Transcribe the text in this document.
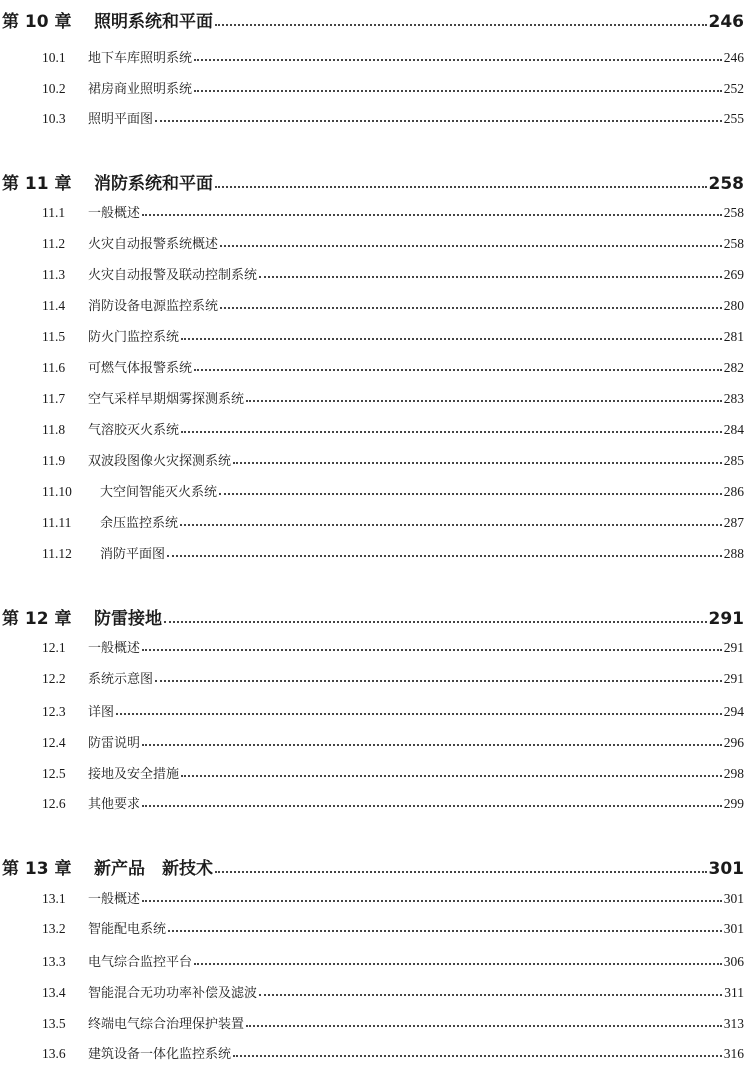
第 10 章	照明系统和平面	246
10.1	地下车库照明系统	246
10.2	裙房商业照明系统	252
10.3	照明平面图	255
第 11 章	消防系统和平面	258
11.1	一般概述	258
11.2	火灾自动报警系统概述	258
11.3	火灾自动报警及联动控制系统	269
11.4	消防设备电源监控系统	280
11.5	防火门监控系统	281
11.6	可燃气体报警系统	282
11.7	空气采样早期烟雾探测系统	283
11.8	气溶胶灭火系统	284
11.9	双波段图像火灾探测系统	285
11.10	大空间智能灭火系统	286
11.11	余压监控系统	287
11.12	消防平面图	288
第 12 章	防雷接地	291
12.1	一般概述	291
12.2	系统示意图	291
12.3	详图	294
12.4	防雷说明	296
12.5	接地及安全措施	298
12.6	其他要求	299
第 13 章	新产品　新技术	301
13.1	一般概述	301
13.2	智能配电系统	301
13.3	电气综合监控平台	306
13.4	智能混合无功功率补偿及滤波	311
13.5	终端电气综合治理保护装置	313
13.6	建筑设备一体化监控系统	316
